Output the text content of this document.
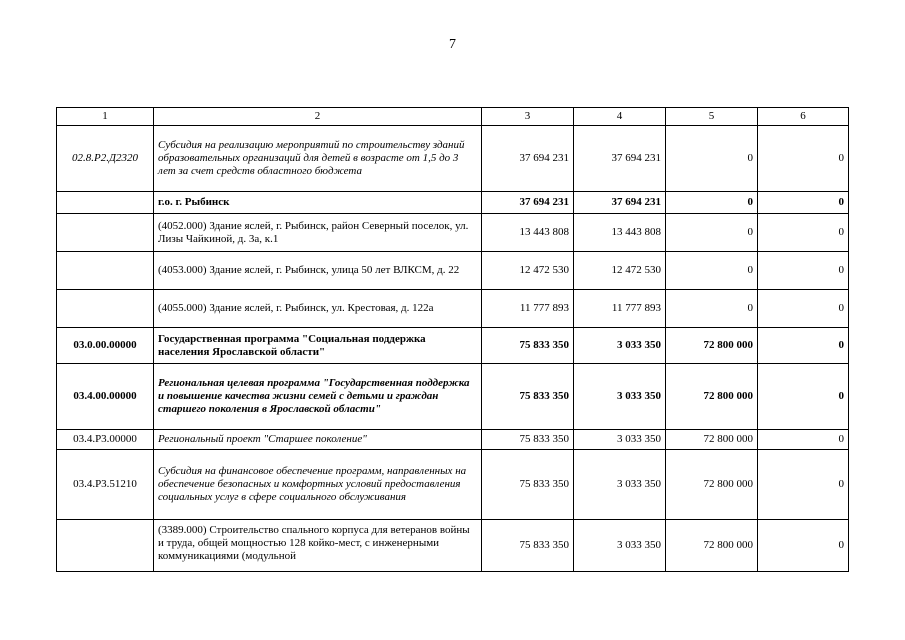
7
1	2	3	4	5	6
02.8.Р2.Д2320	Субсидия на реализацию мероприятий по строительству зданий образовательных организаций для детей в возрасте от 1,5 до 3 лет за счет средств областного бюджета	37 694 231	37 694 231	0	0
	г.о. г. Рыбинск	37 694 231	37 694 231	0	0
	(4052.000) Здание яслей, г. Рыбинск, район Северный поселок, ул. Лизы Чайкиной, д. 3а, к.1	13 443 808	13 443 808	0	0
	(4053.000) Здание яслей, г. Рыбинск, улица 50 лет ВЛКСМ, д. 22	12 472 530	12 472 530	0	0
	(4055.000) Здание яслей, г. Рыбинск, ул. Крестовая, д. 122а	11 777 893	11 777 893	0	0
03.0.00.00000	Государственная программа "Социальная поддержка населения Ярославской области"	75 833 350	3 033 350	72 800 000	0
03.4.00.00000	Региональная целевая программа "Государственная поддержка и повышение качества жизни семей с детьми и граждан старшего поколения в Ярославской области"	75 833 350	3 033 350	72 800 000	0
03.4.Р3.00000	Региональный проект "Старшее поколение"	75 833 350	3 033 350	72 800 000	0
03.4.Р3.51210	Субсидия на финансовое обеспечение программ, направленных на обеспечение безопасных и комфортных условий предоставления социальных услуг в сфере социального обслуживания	75 833 350	3 033 350	72 800 000	0
	(3389.000) Строительство спального корпуса для ветеранов войны и труда, общей мощностью 128 койко-мест, с инженерными коммуникациями (модульной	75 833 350	3 033 350	72 800 000	0
